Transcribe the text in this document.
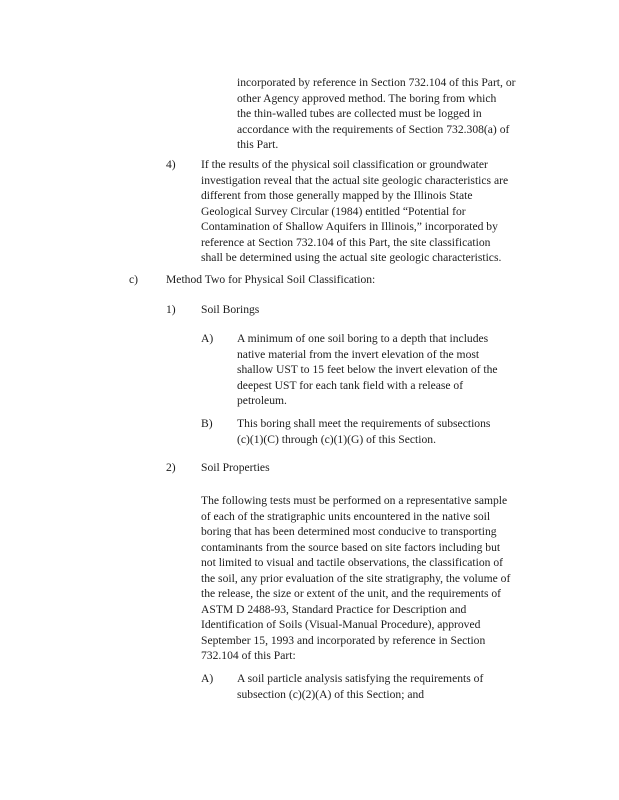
incorporated by reference in Section 732.104 of this Part, or
other Agency approved method. The boring from which
the thin-walled tubes are collected must be logged in
accordance with the requirements of Section 732.308(a) of
this Part.
4) If the results of the physical soil classification or groundwater
investigation reveal that the actual site geologic characteristics are
different from those generally mapped by the Illinois State
Geological Survey Circular (1984) entitled “Potential for
Contamination of Shallow Aquifers in Illinois,” incorporated by
reference at Section 732.104 of this Part, the site classification
shall be determined using the actual site geologic characteristics.
c) Method Two for Physical Soil Classification:
1) Soil Borings
A) A minimum of one soil boring to a depth that includes
native material from the invert elevation of the most
shallow UST to 15 feet below the invert elevation of the
deepest UST for each tank field with a release of
petroleum.
B) This boring shall meet the requirements of subsections
(c)(1)(C) through (c)(1)(G) of this Section.
2) Soil Properties
The following tests must be performed on a representative sample
of each of the stratigraphic units encountered in the native soil
boring that has been determined most conducive to transporting
contaminants from the source based on site factors including but
not limited to visual and tactile observations, the classification of
the soil, any prior evaluation of the site stratigraphy, the volume of
the release, the size or extent of the unit, and the requirements of
ASTM D 2488-93, Standard Practice for Description and
Identification of Soils (Visual-Manual Procedure), approved
September 15, 1993 and incorporated by reference in Section
732.104 of this Part:
A) A soil particle analysis satisfying the requirements of
subsection (c)(2)(A) of this Section; and
